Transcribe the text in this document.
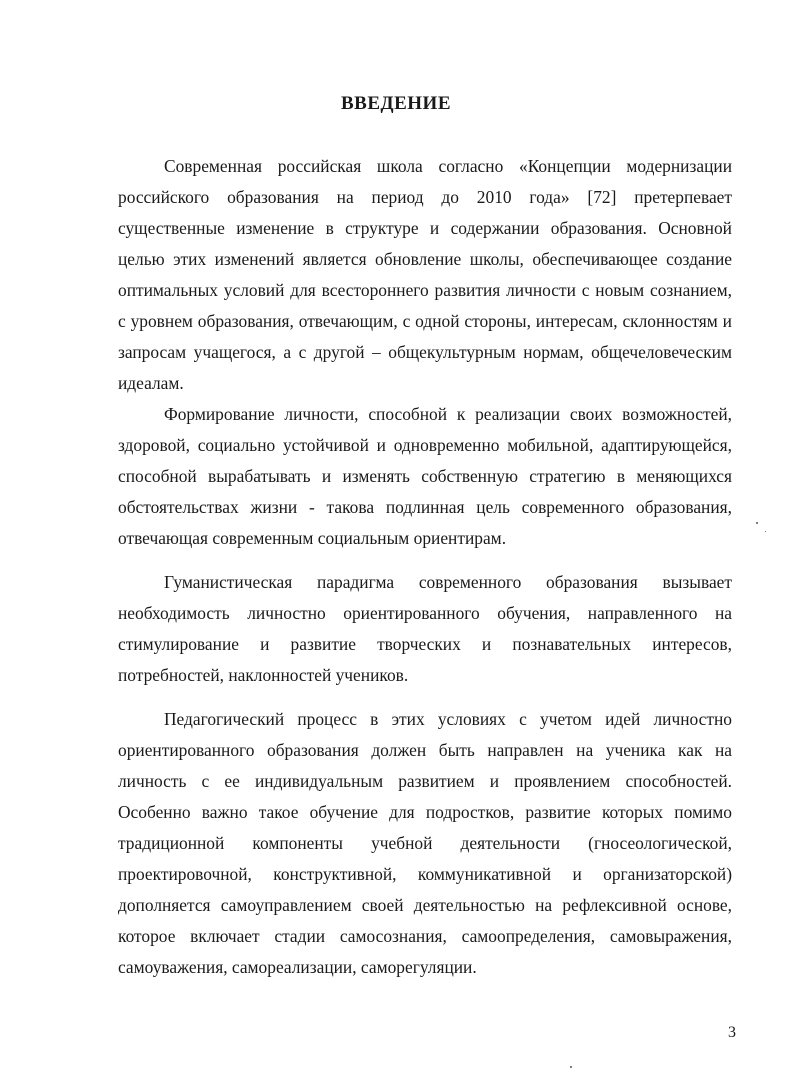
ВВЕДЕНИЕ

Современная российская школа согласно «Концепции модернизации российского образования на период до 2010 года» [72] претерпевает существенные изменение в структуре и содержании образования. Основной целью этих изменений является обновление школы, обеспечивающее создание оптимальных условий для всестороннего развития личности с новым сознанием, с уровнем образования, отвечающим, с одной стороны, интересам, склонностям и запросам учащегося, а с другой – общекультурным нормам, общечеловеческим идеалам.

Формирование личности, способной к реализации своих возможностей, здоровой, социально устойчивой и одновременно мобильной, адаптирующейся, способной вырабатывать и изменять собственную стратегию в меняющихся обстоятельствах жизни - такова подлинная цель современного образования, отвечающая современным социальным ориентирам.

Гуманистическая парадигма современного образования вызывает необходимость личностно ориентированного обучения, направленного на стимулирование и развитие творческих и познавательных интересов, потребностей, наклонностей учеников.

Педагогический процесс в этих условиях с учетом идей личностно ориентированного образования должен быть направлен на ученика как на личность с ее индивидуальным развитием и проявлением способностей. Особенно важно такое обучение для подростков, развитие которых помимо традиционной компоненты учебной деятельности (гносеологической, проектировочной, конструктивной, коммуникативной и организаторской) дополняется самоуправлением своей деятельностью на рефлексивной основе, которое включает стадии самосознания, самоопределения, самовыражения, самоуважения, самореализации, саморегуляции.

3
